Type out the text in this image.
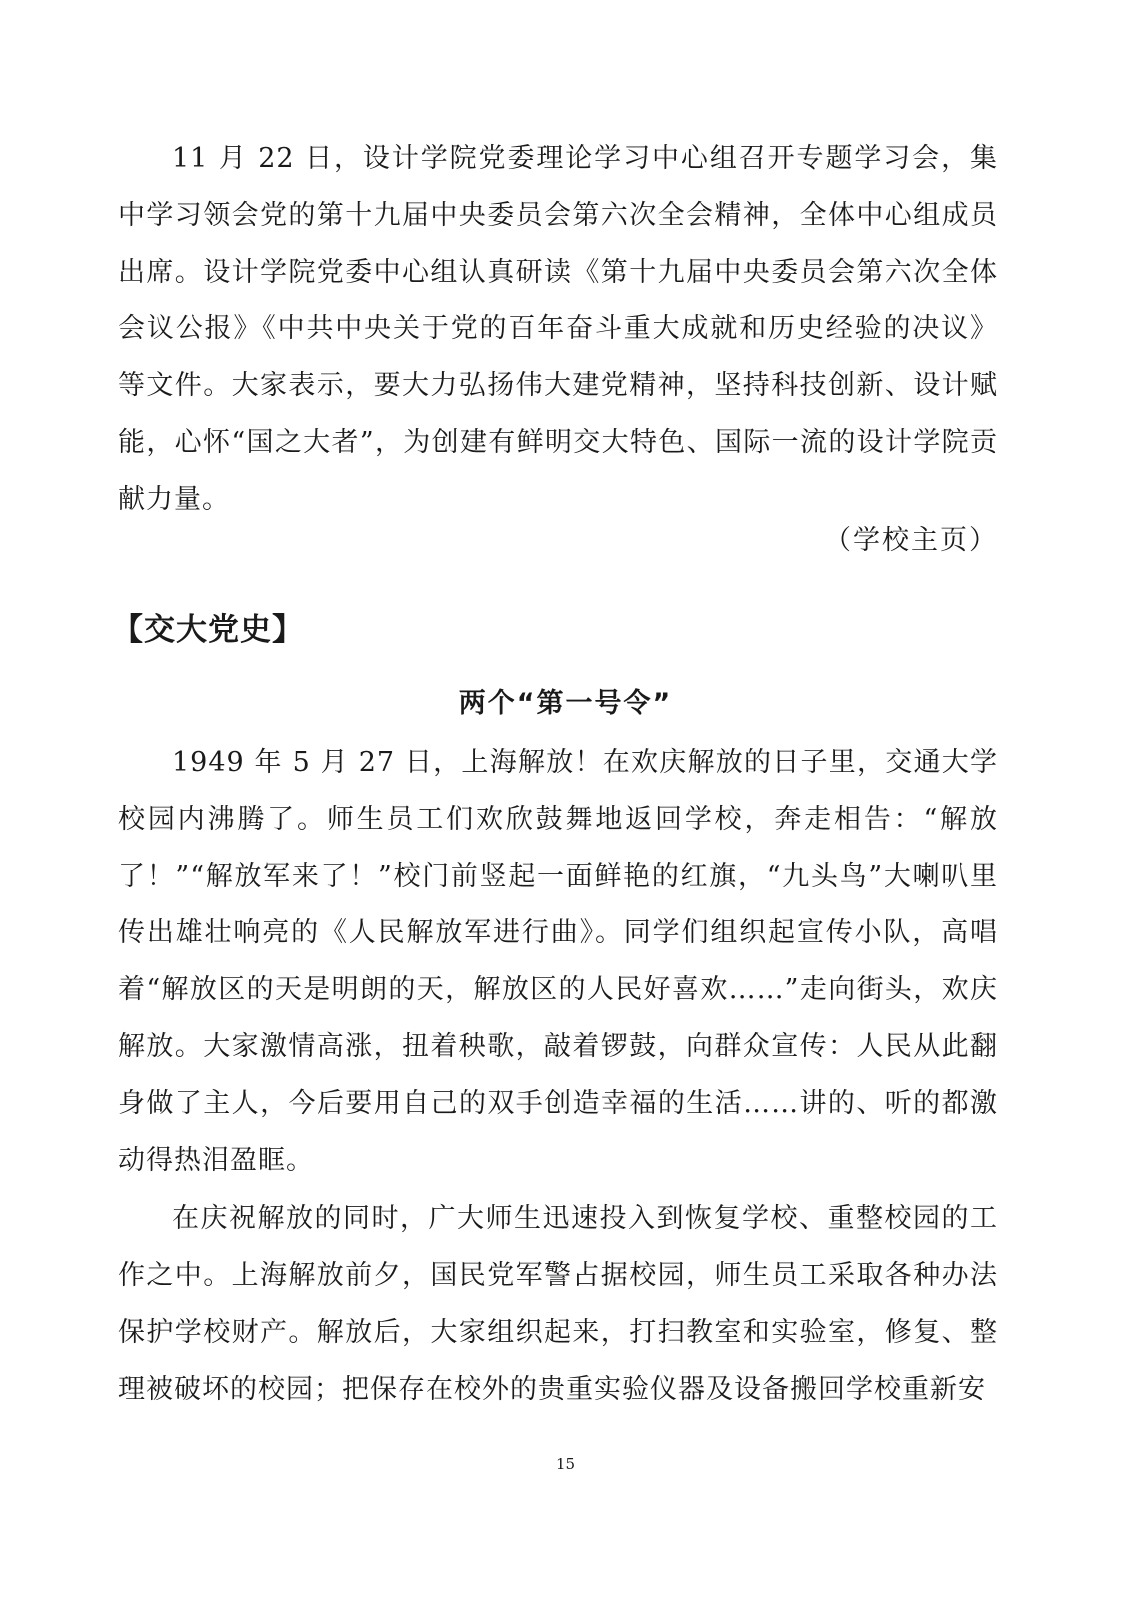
11 月 22 日，设计学院党委理论学习中心组召开专题学习会，集中学习领会党的第十九届中央委员会第六次全会精神，全体中心组成员出席。设计学院党委中心组认真研读《第十九届中央委员会第六次全体会议公报》《中共中央关于党的百年奋斗重大成就和历史经验的决议》等文件。大家表示，要大力弘扬伟大建党精神，坚持科技创新、设计赋能，心怀“国之大者”，为创建有鲜明交大特色、国际一流的设计学院贡献力量。

（学校主页）

【交大党史】
两个“第一号令”

1949 年 5 月 27 日，上海解放！在欢庆解放的日子里，交通大学校园内沸腾了。师生员工们欢欣鼓舞地返回学校，奔走相告：“解放了！”“解放军来了！”校门前竖起一面鲜艳的红旗，“九头鸟”大喇叭里传出雄壮响亮的《人民解放军进行曲》。同学们组织起宣传小队，高唱着“解放区的天是明朗的天，解放区的人民好喜欢……”走向街头，欢庆解放。大家激情高涨，扭着秧歌，敲着锣鼓，向群众宣传：人民从此翻身做了主人，今后要用自己的双手创造幸福的生活……讲的、听的都激动得热泪盈眶。

在庆祝解放的同时，广大师生迅速投入到恢复学校、重整校园的工作之中。上海解放前夕，国民党军警占据校园，师生员工采取各种办法保护学校财产。解放后，大家组织起来，打扫教室和实验室，修复、整理被破坏的校园；把保存在校外的贵重实验仪器及设备搬回学校重新安

15
